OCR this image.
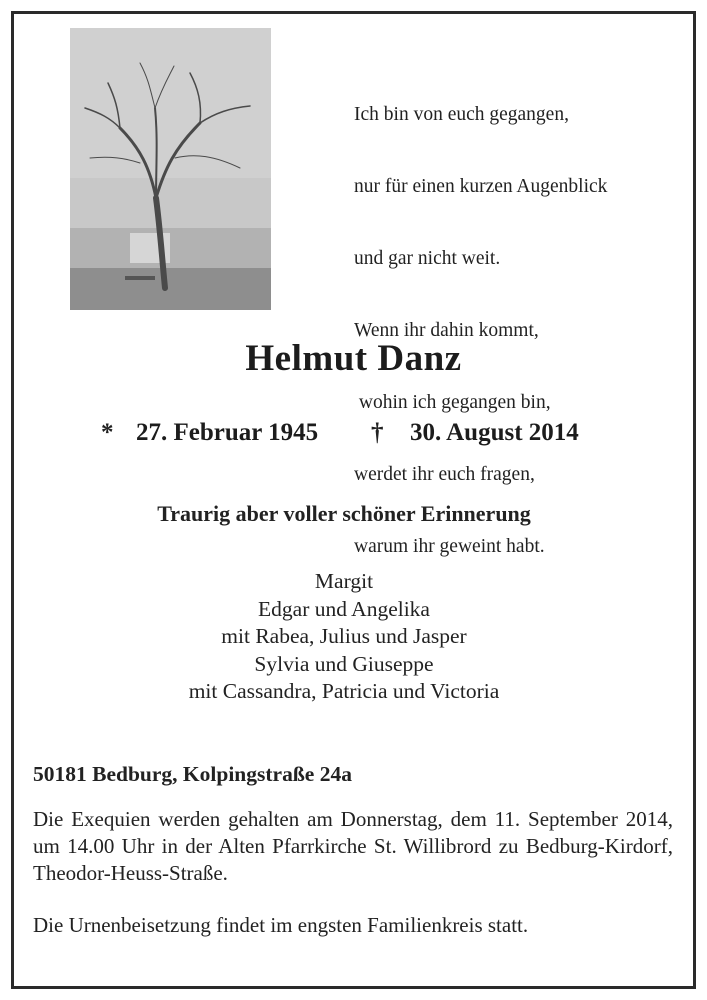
Ich bin von euch gegangen,

nur für einen kurzen Augenblick

und gar nicht weit.

Wenn ihr dahin kommt,

wohin ich gegangen bin,

werdet ihr euch fragen,

warum ihr geweint habt.

Helmut Danz
* 27. Februar 1945 † 30. August 2014
Traurig aber voller schöner Erinnerung
Margit
Edgar und Angelika
mit Rabea, Julius und Jasper
Sylvia und Giuseppe
mit Cassandra, Patricia und Victoria
50181 Bedburg, Kolpingstraße 24a
Die Exequien werden gehalten am Donnerstag, dem 11. September 2014, um 14.00 Uhr in der Alten Pfarrkirche St. Willibrord zu Bedburg-Kirdorf, Theodor-Heuss-Straße.
Die Urnenbeisetzung findet im engsten Familienkreis statt.
